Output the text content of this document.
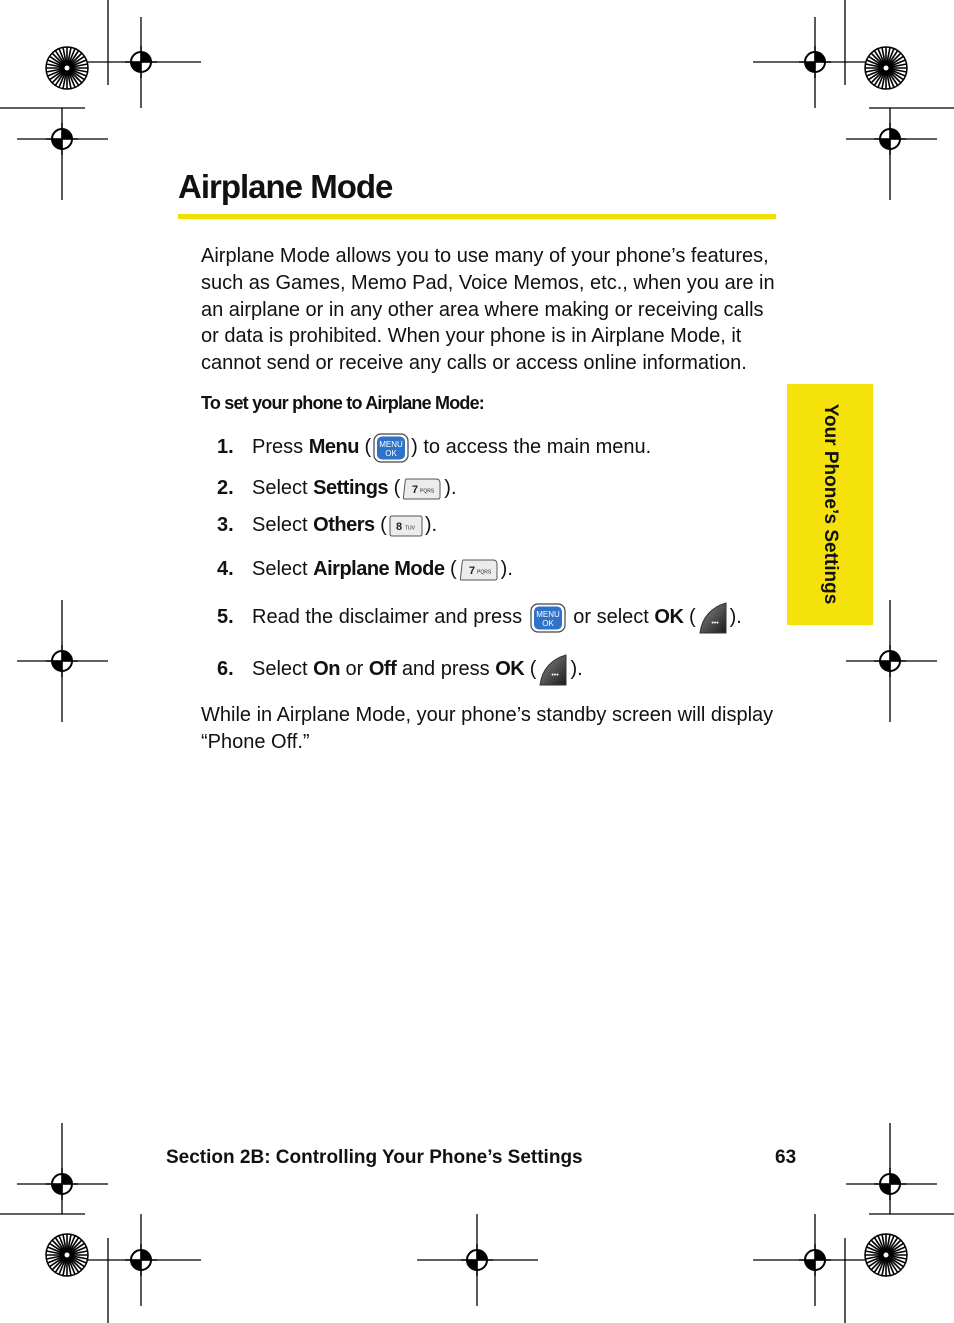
Airplane Mode

Airplane Mode allows you to use many of your phone’s features, such as Games, Memo Pad, Voice Memos, etc., when you are in an airplane or in any other area where making or receiving calls or data is prohibited. When your phone is in Airplane Mode, it cannot send or receive any calls or access online information.

To set your phone to Airplane Mode:

1. Press
Menu ( MENU
OK ) to access the main menu.
2. Select
Settings ( 7 PQRS ).
3. Select
Others ( 8 TUV ).
4. Select
Airplane Mode ( 7 PQRS ).
5. Read the disclaimer and press
MENU
OK
or select
OK ( ••• ).
6. Select
On
or
Off
and press
OK ( ••• ).

While in Airplane Mode, your phone’s standby screen will display “Phone Off.”

Your Phone’s Settings
Section 2B: Controlling Your Phone’s Settings	63
